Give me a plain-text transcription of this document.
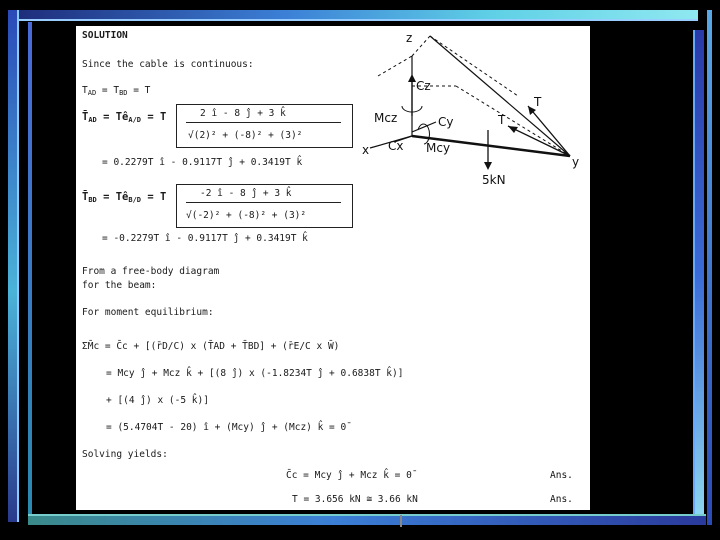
SOLUTION
Since the cable is continuous:
$T_{AD} = T_{BD} = T$
$T̄_{AD}$ = $Tê_{A/D} = T$	2 î - 8 ĵ + 3 k̂
√(2)² + (-8)² + (3)²
= 0.2279T î - 0.9117T ĵ + 0.3419T k̂
$T̄_{BD}$ = $Tê_{B/D} = T$	-2 î - 8 ĵ + 3 k̂
√(-2)² + (-8)² + (3)²
= -0.2279T î - 0.9117T ĵ + 0.3419T k̂
From a free-body diagram
for the beam:
For moment equilibrium:
ΣM̄c = C̄c + [(r̄D/C) x (T̄AD + T̄BD] + (r̄E/C x W̄)
= Mcy ĵ + Mcz k̂ + [(8 ĵ) x (-1.8234T ĵ + 0.6838T k̂)]
+ [(4 ĵ) x (-5 k̂)]
= (5.4704T - 20) î + (Mcy) ĵ + (Mcz) k̂ = 0̄
Solving yields:
C̄c = Mcy ĵ + Mcz k̂ = 0̄	Ans.
T = 3.656 kN ≅ 3.66 kN	Ans.
z
x
y
Cz
Mcz	Cy
Cx Mcy
T
T
5kN
